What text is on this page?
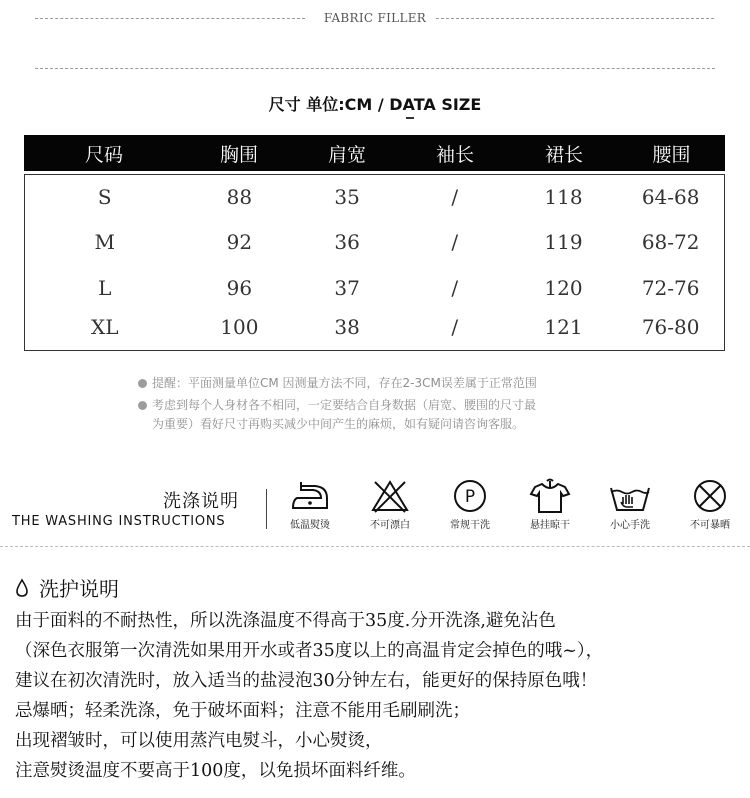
FABRIC FILLER
尺寸 单位:CM / DATA SIZE
尺码	胸围	肩宽	袖长	裙长	腰围
S	88	35	/	118	64-68
M	92	36	/	119	68-72
L	96	37	/	120	72-76
XL	100	38	/	121	76-80
提醒：平面测量单位CM 因测量方法不同，存在2-3CM误差属于正常范围
考虑到每个人身材各不相同，一定要结合自身数据（肩宽、腰围的尺寸最
为重要）看好尺寸再购买减少中间产生的麻烦，如有疑问请咨询客服。
洗涤说明
THE WASHING INSTRUCTIONS	低温熨烫	不可漂白
P
常规干洗	悬挂晾干	小心手洗	不可暴晒
洗护说明
由于面料的不耐热性，所以洗涤温度不得高于35度.分开洗涤,避免沾色
（深色衣服第一次清洗如果用开水或者35度以上的高温肯定会掉色的哦~），
建议在初次清洗时，放入适当的盐浸泡30分钟左右，能更好的保持原色哦！
忌爆晒；轻柔洗涤，免于破坏面料；注意不能用毛刷刷洗；
出现褶皱时，可以使用蒸汽电熨斗，小心熨烫，
注意熨烫温度不要高于100度，以免损坏面料纤维。
